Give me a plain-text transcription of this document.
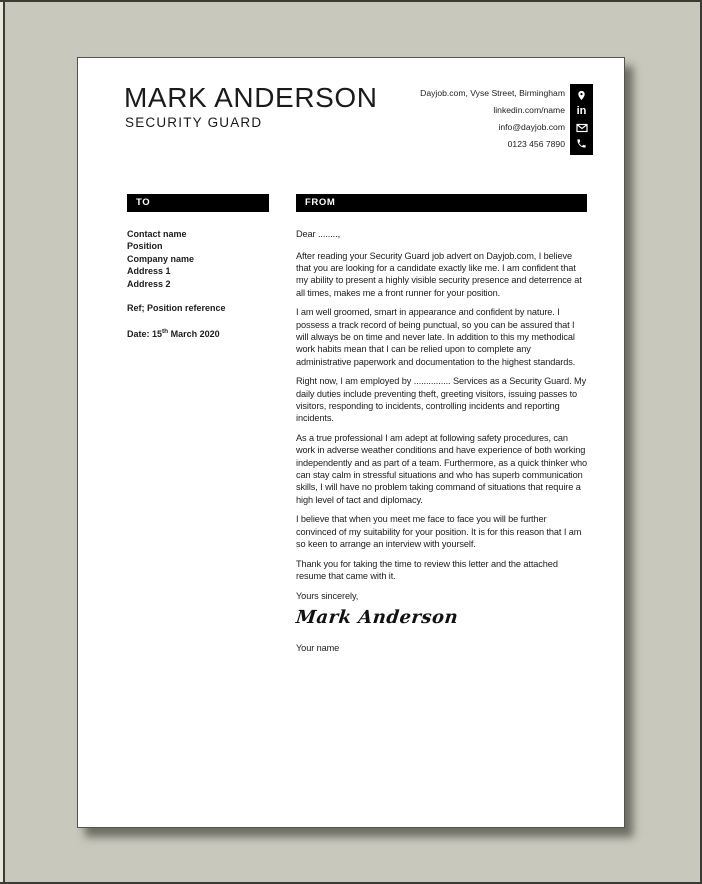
MARK ANDERSON
SECURITY GUARD
Dayjob.com, Vyse Street, Birmingham
linkedin.com/name
info@dayjob.com
0123 456 7890
in
TO	FROM
Contact name
Position
Company name
Address 1
Address 2
Ref; Position reference
Date: 15th March 2020

Dear ........,

After reading your Security Guard job advert on Dayjob.com, I believe that you are looking for a candidate exactly like me. I am confident that my ability to present a highly visible security presence and deterrence at all times, makes me a front runner for your position.

I am well groomed, smart in appearance and confident by nature. I possess a track record of being punctual, so you can be assured that I will always be on time and never late. In addition to this my methodical work habits mean that I can be relied upon to complete any administrative paperwork and documentation to the highest standards.

Right now, I am employed by ............... Services as a Security Guard. My daily duties include preventing theft, greeting visitors, issuing passes to visitors, responding to incidents, controlling incidents and reporting incidents.

As a true professional I am adept at following safety procedures, can work in adverse weather conditions and have experience of both working independently and as part of a team. Furthermore, as a quick thinker who can stay calm in stressful situations and who has superb communication skills, I will have no problem taking command of situations that require a high level of tact and diplomacy.

I believe that when you meet me face to face you will be further convinced of my suitability for your position. It is for this reason that I am so keen to arrange an interview with yourself.

Thank you for taking the time to review this letter and the attached resume that came with it.

Yours sincerely,

Mark Anderson

Your name
